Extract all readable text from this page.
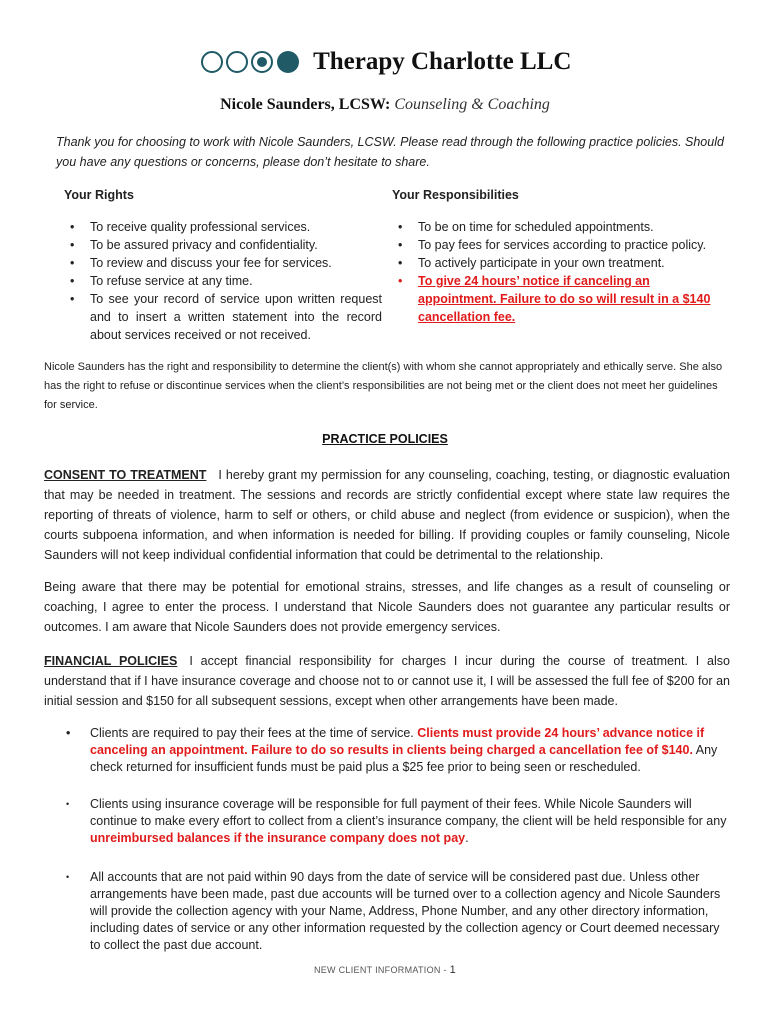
Therapy Charlotte LLC
Nicole Saunders, LCSW: Counseling & Coaching
Thank you for choosing to work with Nicole Saunders, LCSW. Please read through the following practice policies. Should you have any questions or concerns, please don’t hesitate to share.
Your Rights
• To receive quality professional services.
• To be assured privacy and confidentiality.
• To review and discuss your fee for services.
• To refuse service at any time.
• To see your record of service upon written request and to insert a written statement into the record about services received or not received.
Your Responsibilities
• To be on time for scheduled appointments.
• To pay fees for services according to practice policy.
• To actively participate in your own treatment.
• To give 24 hours’ notice if canceling an appointment. Failure to do so will result in a $140 cancellation fee.
Nicole Saunders has the right and responsibility to determine the client(s) with whom she cannot appropriately and ethically serve. She also has the right to refuse or discontinue services when the client’s responsibilities are not being met or the client does not meet her guidelines for service.
PRACTICE POLICIES
CONSENT TO TREATMENT I hereby grant my permission for any counseling, coaching, testing, or diagnostic evaluation that may be needed in treatment. The sessions and records are strictly confidential except where state law requires the reporting of threats of violence, harm to self or others, or child abuse and neglect (from evidence or suspicion), when the courts subpoena information, and when information is needed for billing. If providing couples or family counseling, Nicole Saunders will not keep individual confidential information that could be detrimental to the relationship.
Being aware that there may be potential for emotional strains, stresses, and life changes as a result of counseling or coaching, I agree to enter the process. I understand that Nicole Saunders does not guarantee any particular results or outcomes. I am aware that Nicole Saunders does not provide emergency services.
FINANCIAL POLICIES I accept financial responsibility for charges I incur during the course of treatment. I also understand that if I have insurance coverage and choose not to or cannot use it, I will be assessed the full fee of $200 for an initial session and $150 for all subsequent sessions, except when other arrangements have been made.
• Clients are required to pay their fees at the time of service. Clients must provide 24 hours’ advance notice if canceling an appointment. Failure to do so results in clients being charged a cancellation fee of $140. Any check returned for insufficient funds must be paid plus a $25 fee prior to being seen or rescheduled.
• Clients using insurance coverage will be responsible for full payment of their fees. While Nicole Saunders will continue to make every effort to collect from a client’s insurance company, the client will be held responsible for any unreimbursed balances if the insurance company does not pay.
• All accounts that are not paid within 90 days from the date of service will be considered past due. Unless other arrangements have been made, past due accounts will be turned over to a collection agency and Nicole Saunders will provide the collection agency with your Name, Address, Phone Number, and any other directory information, including dates of service or any other information requested by the collection agency or Court deemed necessary to collect the past due account.
NEW CLIENT INFORMATION - 1
